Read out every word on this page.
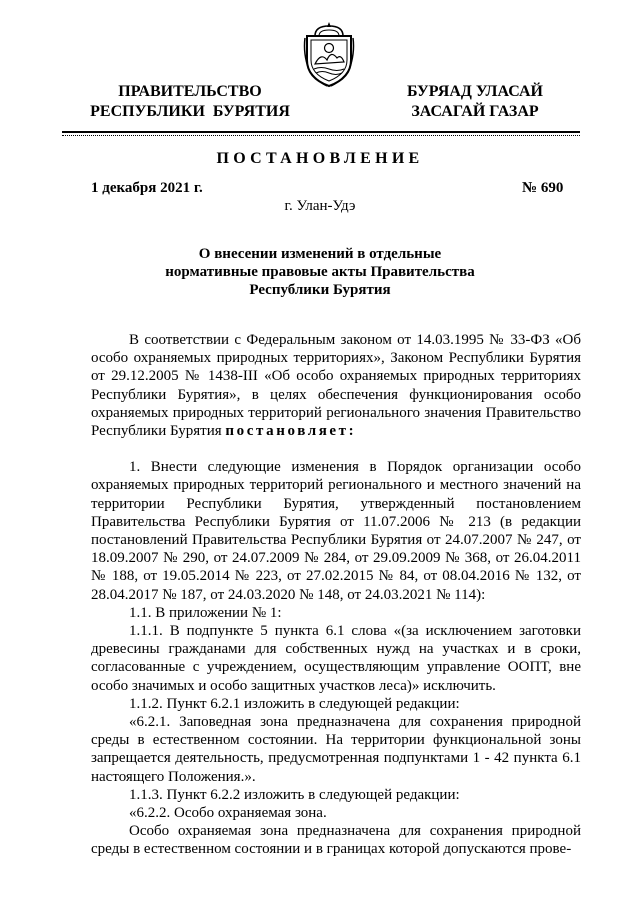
ПРАВИТЕЛЬСТВО
РЕСПУБЛИКИ  БУРЯТИЯ
БУРЯАД УЛАСАЙ
ЗАСАГАЙ ГАЗАР
ПОСТАНОВЛЕНИЕ
1 декабря 2021 г.	№ 690
г. Улан-Удэ
О внесении изменений в отдельные
нормативные правовые акты Правительства
Республики Бурятия

В соответствии с Федеральным законом от 14.03.1995 № 33-ФЗ «Об особо охраняемых природных территориях», Законом Республики Бурятия от 29.12.2005 № 1438-III «Об особо охраняемых природных территориях Республики Бурятия», в целях обеспечения функционирования особо охраняемых природных территорий регионального значения Правительство Республики Бурятия постановляет:

1. Внести следующие изменения в Порядок организации особо охраняемых природных территорий регионального и местного значений на территории Республики Бурятия, утвержденный постановлением Правительства Республики Бурятия от 11.07.2006 № 213 (в редакции постановлений Правительства Республики Бурятия от 24.07.2007 № 247, от 18.09.2007 № 290, от 24.07.2009 № 284, от 29.09.2009 № 368, от 26.04.2011 № 188, от 19.05.2014 № 223, от 27.02.2015 № 84, от 08.04.2016 № 132, от 28.04.2017 № 187, от 24.03.2020 № 148, от 24.03.2021 № 114):

1.1. В приложении № 1:

1.1.1. В подпункте 5 пункта 6.1 слова «(за исключением заготовки древесины гражданами для собственных нужд на участках и в сроки, согласованные с учреждением, осуществляющим управление ООПТ, вне особо значимых и особо защитных участков леса)» исключить.

1.1.2. Пункт 6.2.1 изложить в следующей редакции:

«6.2.1. Заповедная зона предназначена для сохранения природной среды в естественном состоянии. На территории функциональной зоны запрещается деятельность, предусмотренная подпунктами 1 - 42 пункта 6.1 настоящего Положения.».

1.1.3. Пункт 6.2.2 изложить в следующей редакции:

«6.2.2. Особо охраняемая зона.

Особо охраняемая зона предназначена для сохранения природной среды в естественном состоянии и в границах которой допускаются прове-
